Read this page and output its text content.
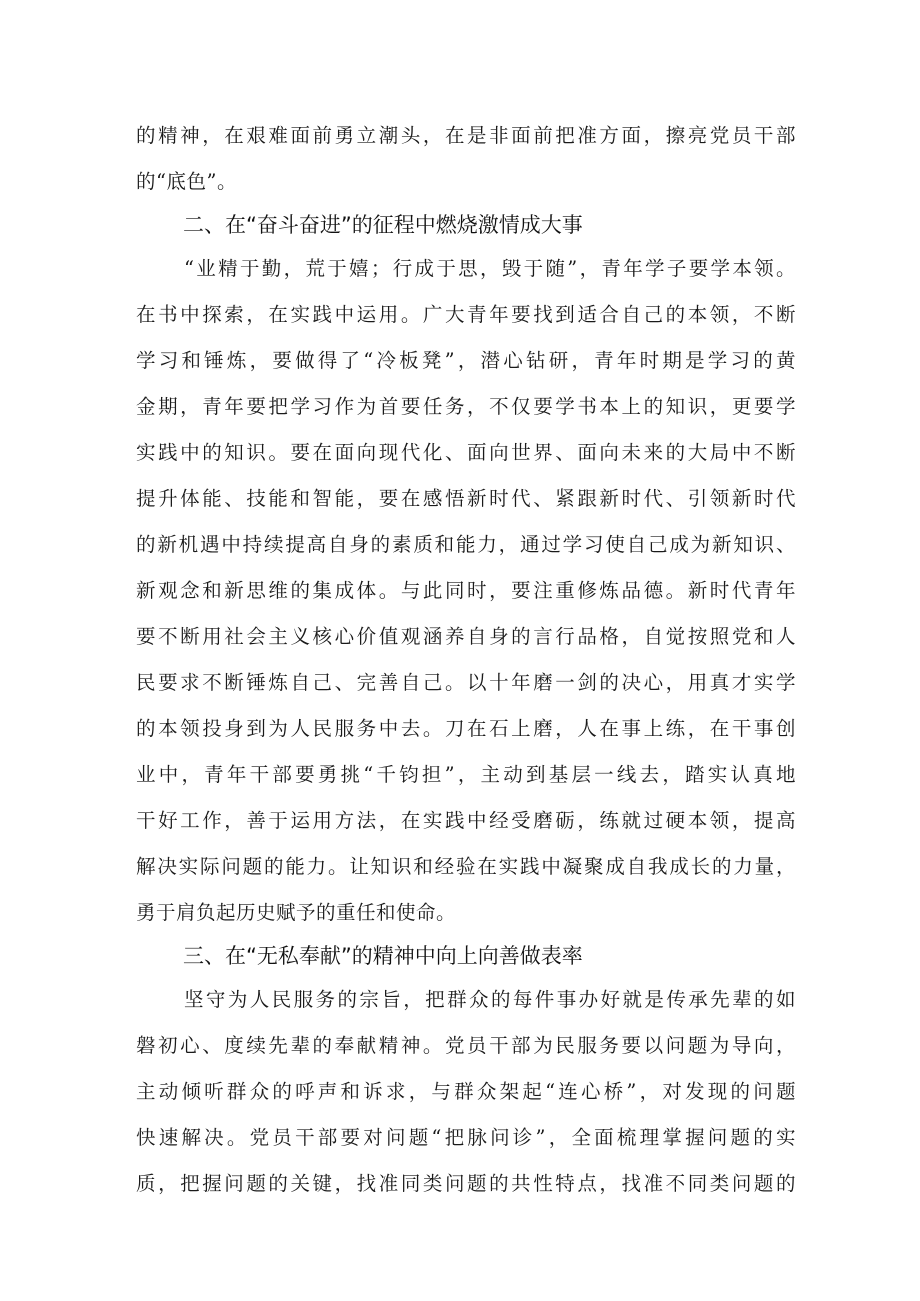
的精神，在艰难面前勇立潮头，在是非面前把准方面，擦亮党员干部
的“底色”。
二、在“奋斗奋进”的征程中燃烧激情成大事
“业精于勤，荒于嬉；行成于思，毁于随”，青年学子要学本领。
在书中探索，在实践中运用。广大青年要找到适合自己的本领，不断
学习和锤炼，要做得了“冷板凳”，潜心钻研，青年时期是学习的黄
金期，青年要把学习作为首要任务，不仅要学书本上的知识，更要学
实践中的知识。要在面向现代化、面向世界、面向未来的大局中不断
提升体能、技能和智能，要在感悟新时代、紧跟新时代、引领新时代
的新机遇中持续提高自身的素质和能力，通过学习使自己成为新知识、
新观念和新思维的集成体。与此同时，要注重修炼品德。新时代青年
要不断用社会主义核心价值观涵养自身的言行品格，自觉按照党和人
民要求不断锤炼自己、完善自己。以十年磨一剑的决心，用真才实学
的本领投身到为人民服务中去。刀在石上磨，人在事上练，在干事创
业中，青年干部要勇挑“千钧担”，主动到基层一线去，踏实认真地
干好工作，善于运用方法，在实践中经受磨砺，练就过硬本领，提高
解决实际问题的能力。让知识和经验在实践中凝聚成自我成长的力量，
勇于肩负起历史赋予的重任和使命。
三、在“无私奉献”的精神中向上向善做表率
坚守为人民服务的宗旨，把群众的每件事办好就是传承先辈的如
磐初心、度续先辈的奉献精神。党员干部为民服务要以问题为导向，
主动倾听群众的呼声和诉求，与群众架起“连心桥”，对发现的问题
快速解决。党员干部要对问题“把脉问诊”，全面梳理掌握问题的实
质，把握问题的关键，找准同类问题的共性特点，找准不同类问题的
